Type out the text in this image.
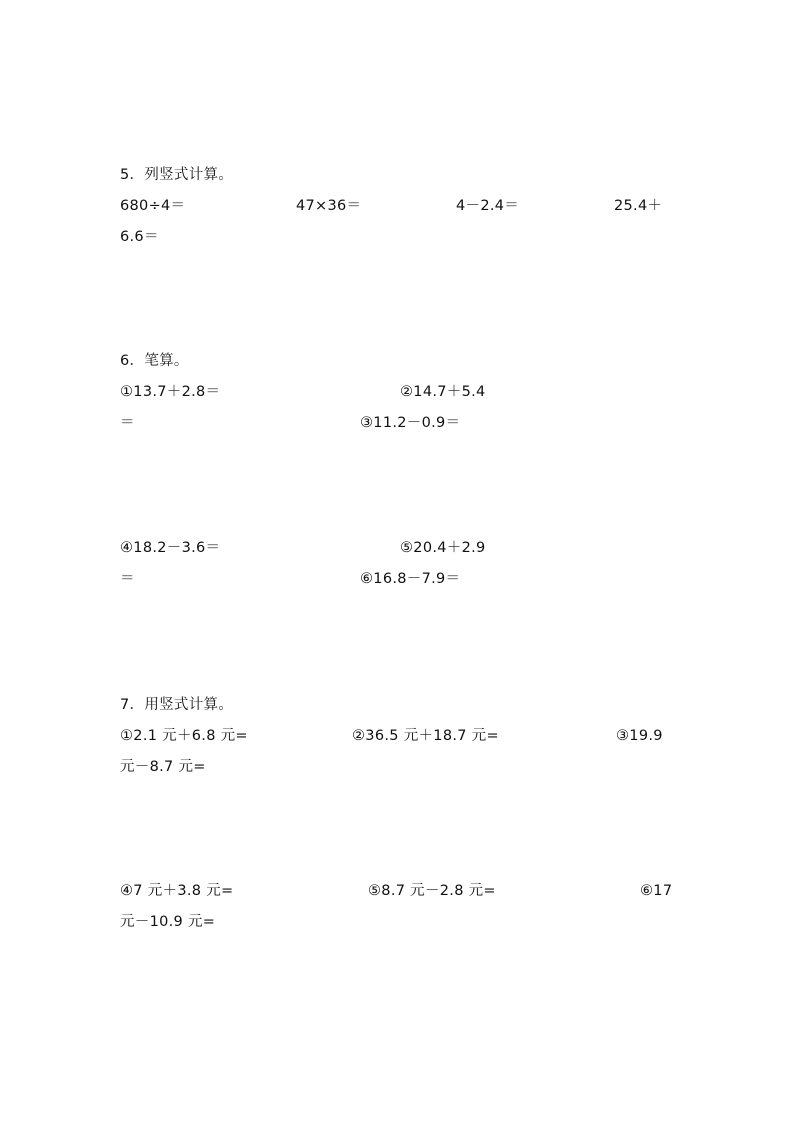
5．列竖式计算。
680÷4＝	47×36＝	4－2.4＝	25.4＋
6.6＝
6．笔算。
①13.7＋2.8＝	②14.7＋5.4
＝	③11.2－0.9＝
④18.2－3.6＝	⑤20.4＋2.9
＝	⑥16.8－7.9＝
7．用竖式计算。
①2.1 元＋6.8 元=	②36.5 元＋18.7 元=	③19.9
元－8.7 元=
④7 元＋3.8 元=	⑤8.7 元－2.8 元=	⑥17
元－10.9 元=
